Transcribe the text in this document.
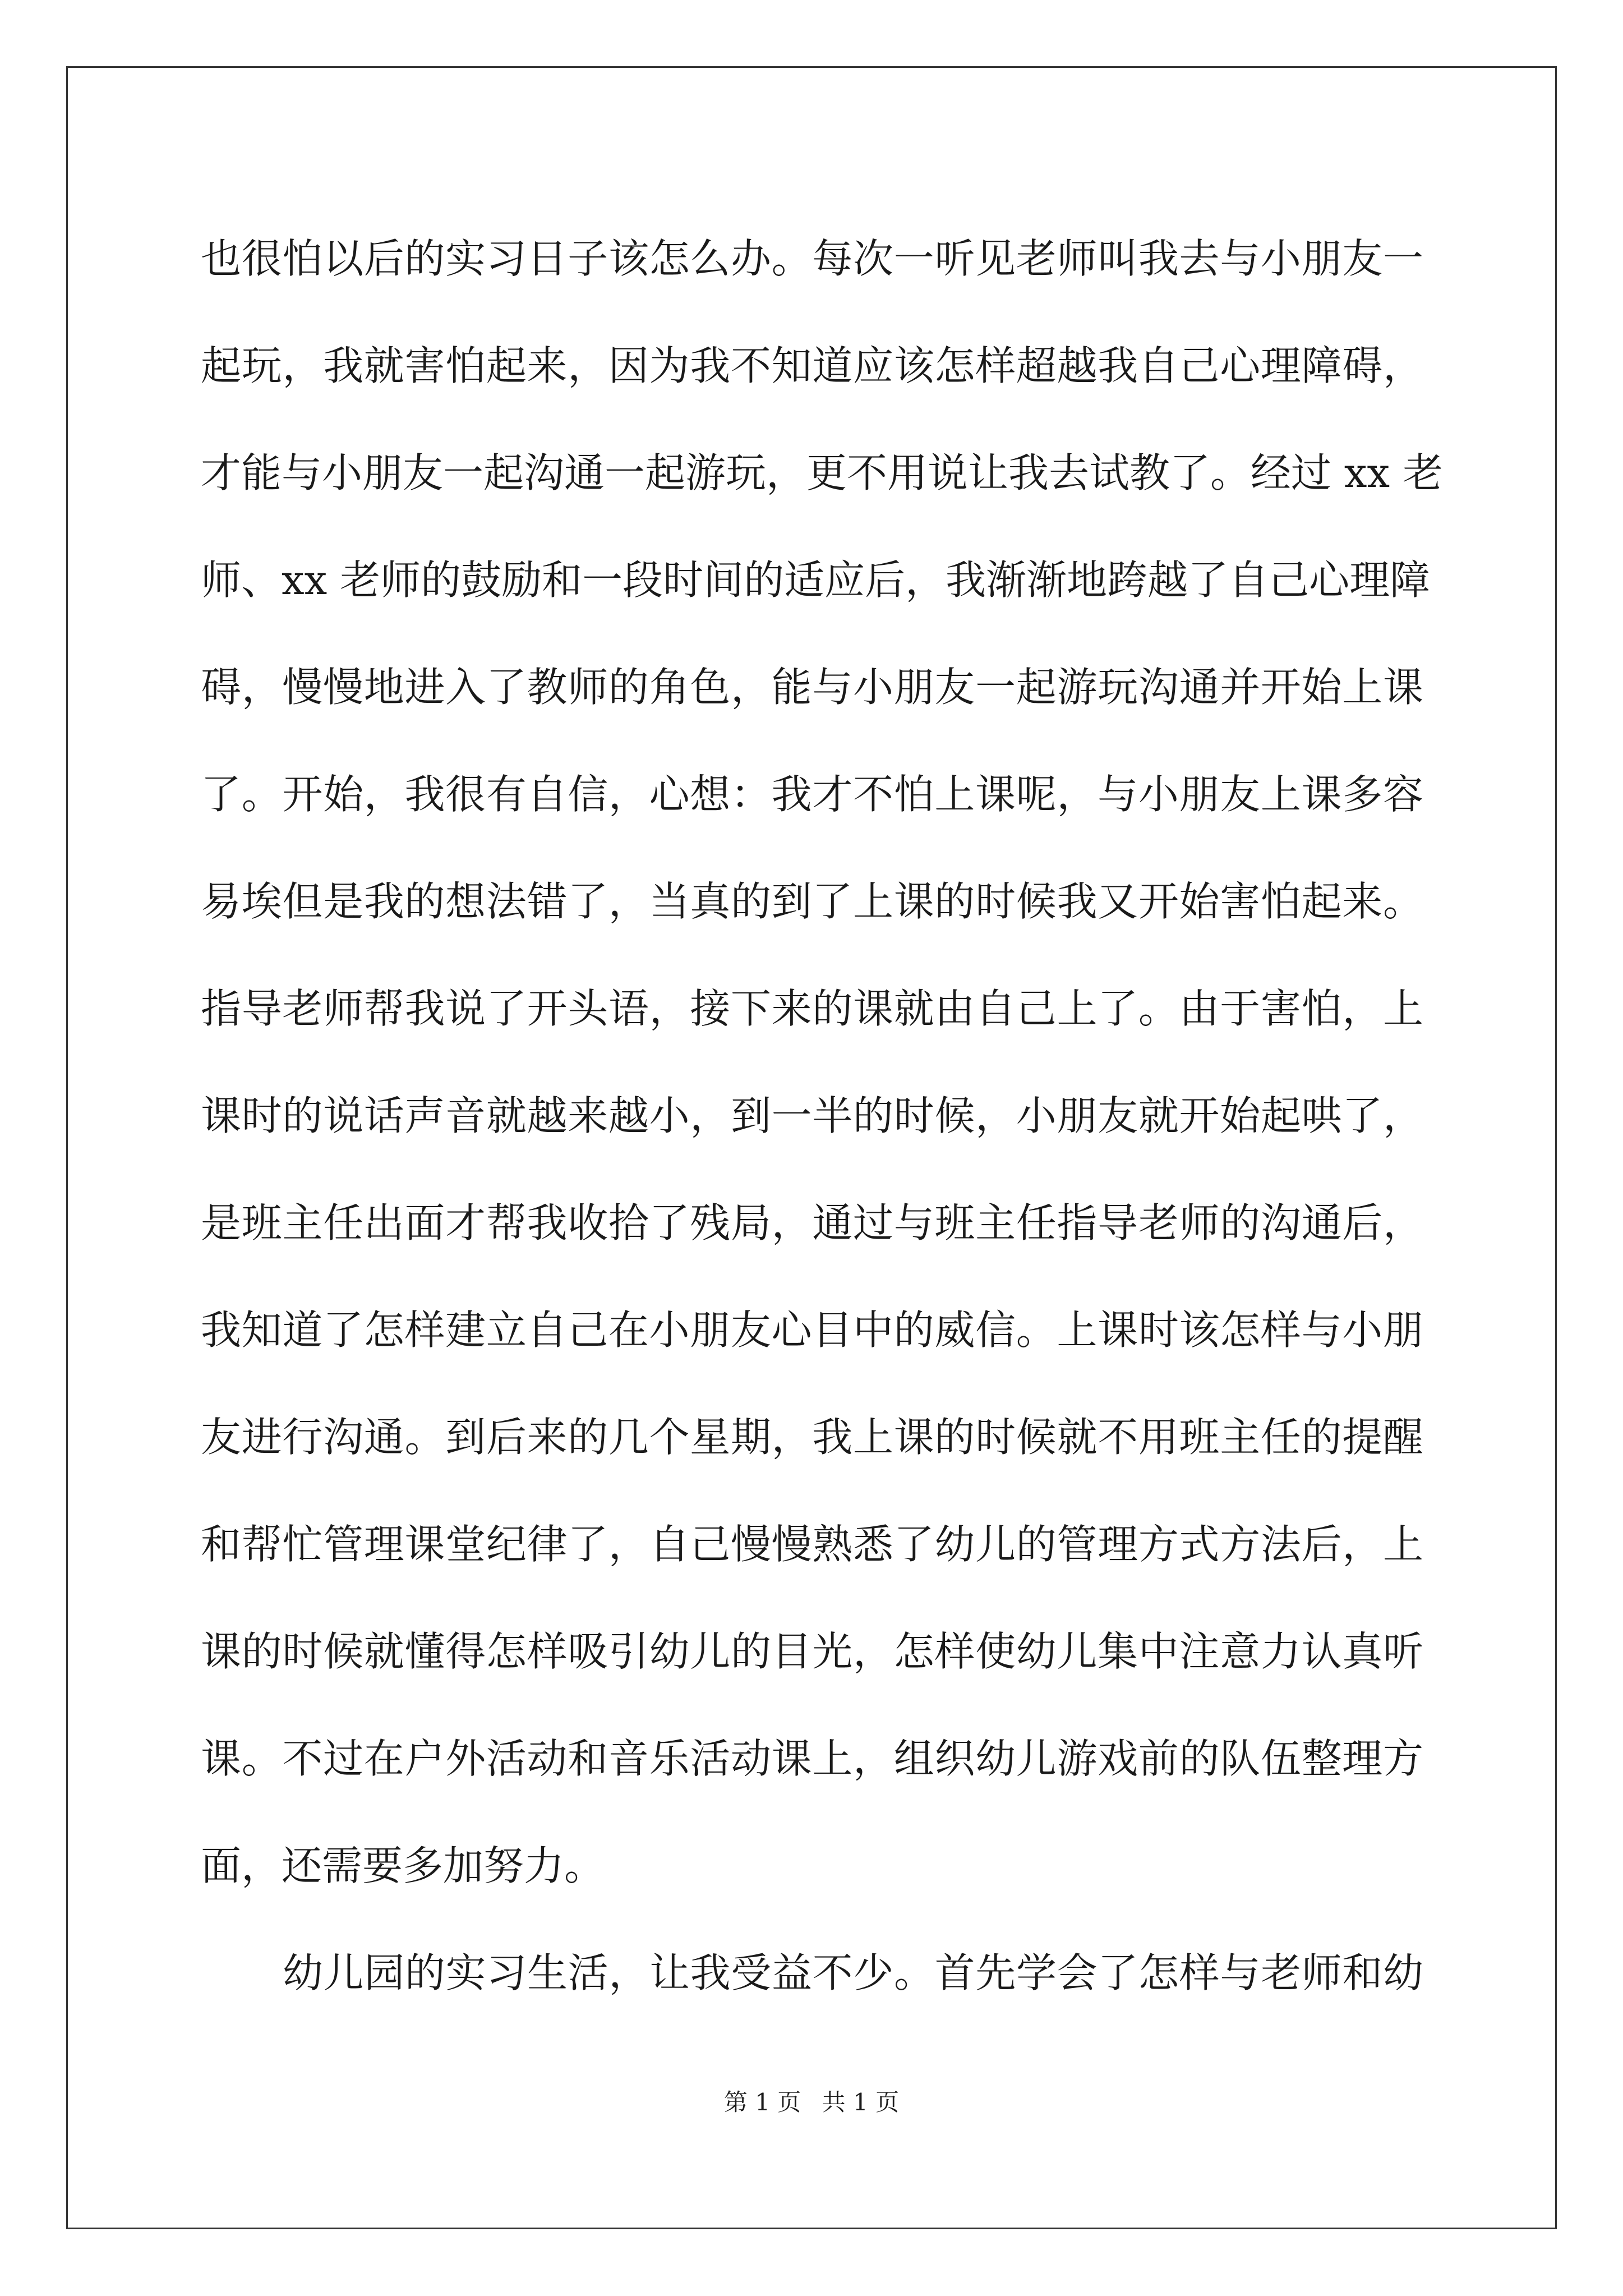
也很怕以后的实习日子该怎么办。每次一听见老师叫我去与小朋友一
起玩，我就害怕起来，因为我不知道应该怎样超越我自己心理障碍，
才能与小朋友一起沟通一起游玩，更不用说让我去试教了。经过 xx 老
师、xx 老师的鼓励和一段时间的适应后，我渐渐地跨越了自己心理障
碍，慢慢地进入了教师的角色，能与小朋友一起游玩沟通并开始上课
了。开始，我很有自信，心想：我才不怕上课呢，与小朋友上课多容
易埃但是我的想法错了，当真的到了上课的时候我又开始害怕起来。
指导老师帮我说了开头语，接下来的课就由自己上了。由于害怕，上
课时的说话声音就越来越小，到一半的时候，小朋友就开始起哄了，
是班主任出面才帮我收拾了残局，通过与班主任指导老师的沟通后，
我知道了怎样建立自己在小朋友心目中的威信。上课时该怎样与小朋
友进行沟通。到后来的几个星期，我上课的时候就不用班主任的提醒
和帮忙管理课堂纪律了，自己慢慢熟悉了幼儿的管理方式方法后，上
课的时候就懂得怎样吸引幼儿的目光，怎样使幼儿集中注意力认真听
课。不过在户外活动和音乐活动课上，组织幼儿游戏前的队伍整理方
面，还需要多加努力。
幼儿园的实习生活，让我受益不少。首先学会了怎样与老师和幼
第 1 页 共 1 页
